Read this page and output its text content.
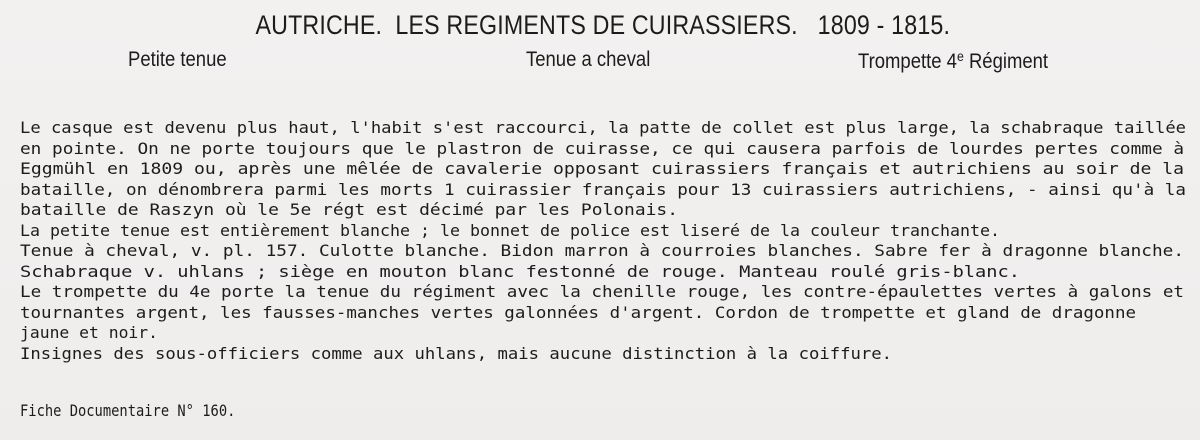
AUTRICHE.  LES REGIMENTS DE CUIRASSIERS.   1809 - 1815.
Petite tenue	Tenue a cheval	Trompette 4e Régiment
Le casque est devenu plus haut, l'habit s'est raccourci, la patte de collet est plus large, la schabraque taillée
en pointe. On ne porte toujours que le plastron de cuirasse, ce qui causera parfois de lourdes pertes comme à
Eggmühl en 1809 ou, après une mêlée de cavalerie opposant cuirassiers français et autrichiens au soir de la
bataille, on dénombrera parmi les morts 1 cuirassier français pour 13 cuirassiers autrichiens, - ainsi qu'à la
bataille de Raszyn où le 5e régt est décimé par les Polonais.
La petite tenue est entièrement blanche ; le bonnet de police est liseré de la couleur tranchante.
Tenue à cheval, v. pl. 157. Culotte blanche. Bidon marron à courroies blanches. Sabre fer à dragonne blanche.
Schabraque v. uhlans ; siège en mouton blanc festonné de rouge. Manteau roulé gris-blanc.
Le trompette du 4e porte la tenue du régiment avec la chenille rouge, les contre-épaulettes vertes à galons et
tournantes argent, les fausses-manches vertes galonnées d'argent. Cordon de trompette et gland de dragonne
jaune et noir.
Insignes des sous-officiers comme aux uhlans, mais aucune distinction à la coiffure.
Fiche Documentaire N° 160.
